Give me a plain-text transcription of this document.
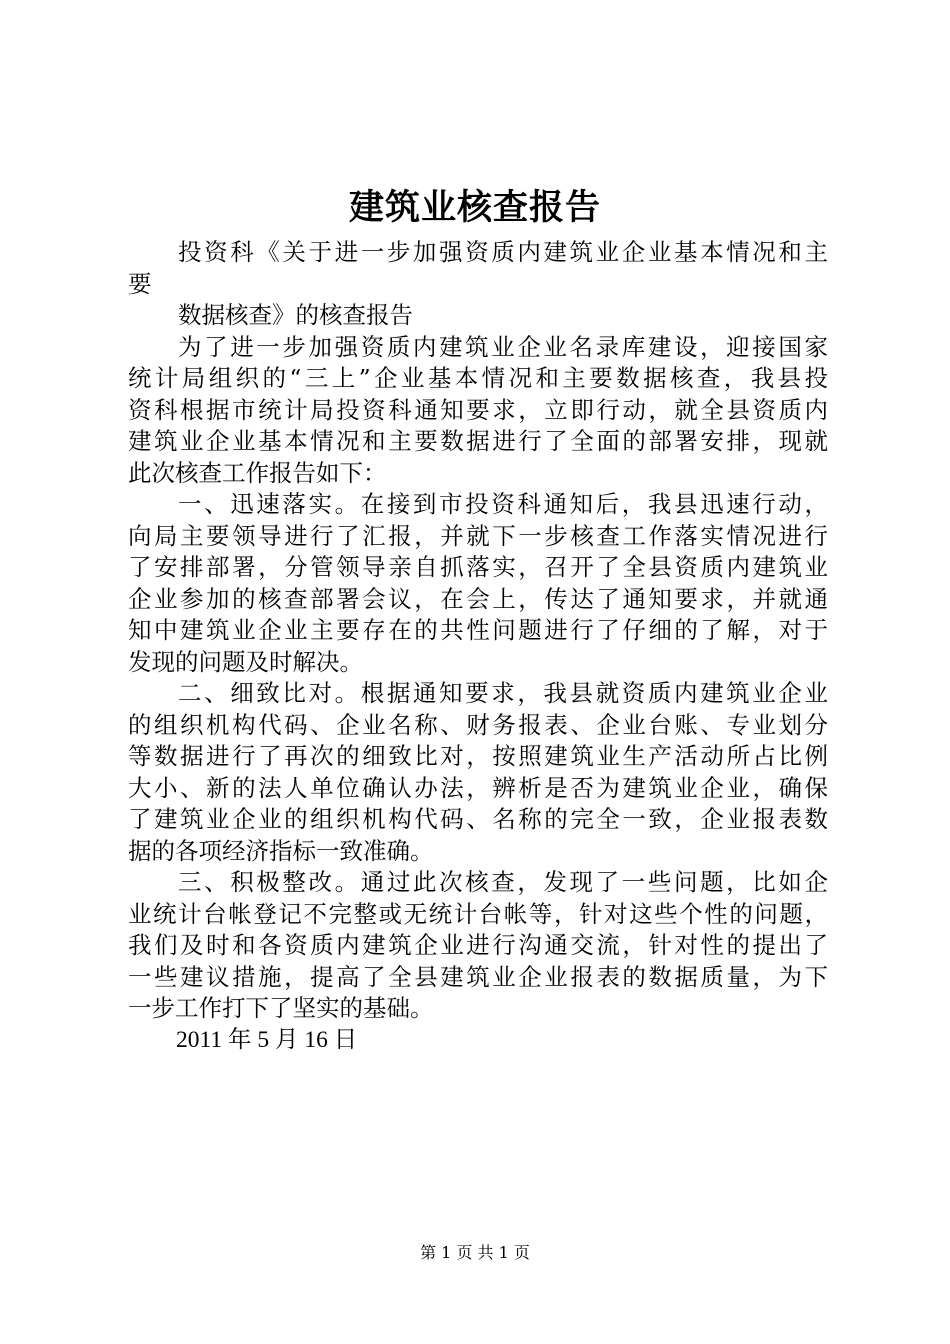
建筑业核查报告
投资科《关于进一步加强资质内建筑业企业基本情况和主
要
数据核查》的核查报告
为了进一步加强资质内建筑业企业名录库建设，迎接国家
统计局组织的“三上”企业基本情况和主要数据核查，我县投
资科根据市统计局投资科通知要求，立即行动，就全县资质内
建筑业企业基本情况和主要数据进行了全面的部署安排，现就
此次核查工作报告如下：
一、迅速落实。在接到市投资科通知后，我县迅速行动，
向局主要领导进行了汇报，并就下一步核查工作落实情况进行
了安排部署，分管领导亲自抓落实，召开了全县资质内建筑业
企业参加的核查部署会议，在会上，传达了通知要求，并就通
知中建筑业企业主要存在的共性问题进行了仔细的了解，对于
发现的问题及时解决。
二、细致比对。根据通知要求，我县就资质内建筑业企业
的组织机构代码、企业名称、财务报表、企业台账、专业划分
等数据进行了再次的细致比对，按照建筑业生产活动所占比例
大小、新的法人单位确认办法，辨析是否为建筑业企业，确保
了建筑业企业的组织机构代码、名称的完全一致，企业报表数
据的各项经济指标一致准确。
三、积极整改。通过此次核查，发现了一些问题，比如企
业统计台帐登记不完整或无统计台帐等，针对这些个性的问题，
我们及时和各资质内建筑企业进行沟通交流，针对性的提出了
一些建议措施，提高了全县建筑业企业报表的数据质量，为下
一步工作打下了坚实的基础。
2011 年 5 月 16 日
第 1 页 共 1 页
